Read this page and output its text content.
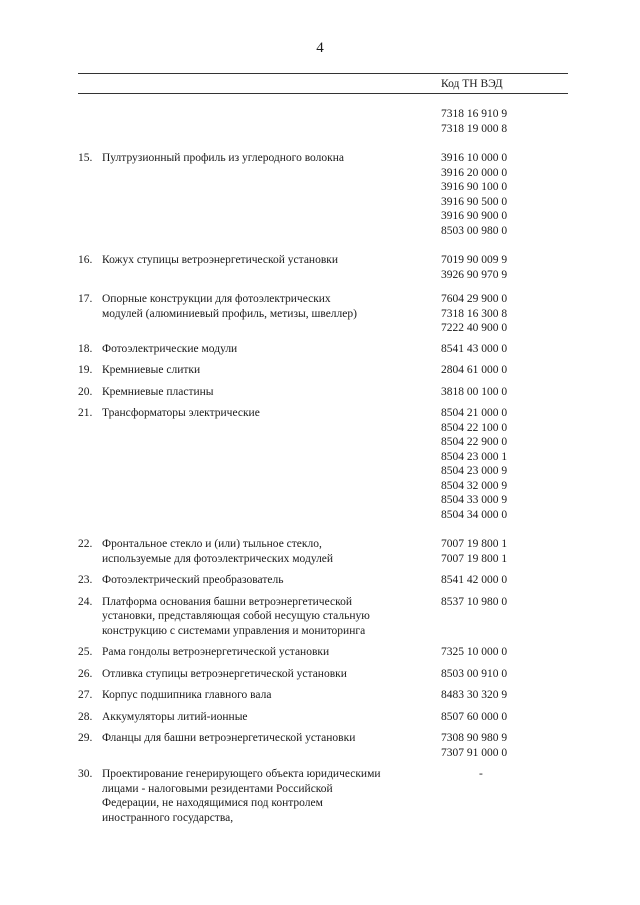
4
Код ТН ВЭД
7318 16 910 9
7318 19 000 8
15. Пултрузионный профиль из углеродного волокна	3916 10 000 0
3916 20 000 0
3916 90 100 0
3916 90 500 0
3916 90 900 0
8503 00 980 0
16. Кожух ступицы ветроэнергетической установки	7019 90 009 9
3926 90 970 9
17. Опорные конструкции для фотоэлектрических модулей (алюминиевый профиль, метизы, швеллер)
7604 29 900 0
7318 16 300 8
7222 40 900 0
18. Фотоэлектрические модули	8541 43 000 0
19. Кремниевые слитки	2804 61 000 0
20. Кремниевые пластины	3818 00 100 0
21. Трансформаторы электрические	8504 21 000 0
8504 22 100 0
8504 22 900 0
8504 23 000 1
8504 23 000 9
8504 32 000 9
8504 33 000 9
8504 34 000 0
22. Фронтальное стекло и (или) тыльное стекло, используемые для фотоэлектрических модулей
7007 19 800 1
7007 19 800 1
23. Фотоэлектрический преобразователь	8541 42 000 0
24. Платформа основания башни ветроэнергетической установки, представляющая собой несущую стальную конструкцию с системами управления и мониторинга
8537 10 980 0
25. Рама гондолы ветроэнергетической установки	7325 10 000 0
26. Отливка ступицы ветроэнергетической установки	8503 00 910 0
27. Корпус подшипника главного вала	8483 30 320 9
28. Аккумуляторы литий-ионные	8507 60 000 0
29. Фланцы для башни ветроэнергетической установки	7308 90 980 9
7307 91 000 0
30. Проектирование генерирующего объекта юридическими лицами - налоговыми резидентами Российской Федерации, не находящимися под контролем иностранного государства,
-
